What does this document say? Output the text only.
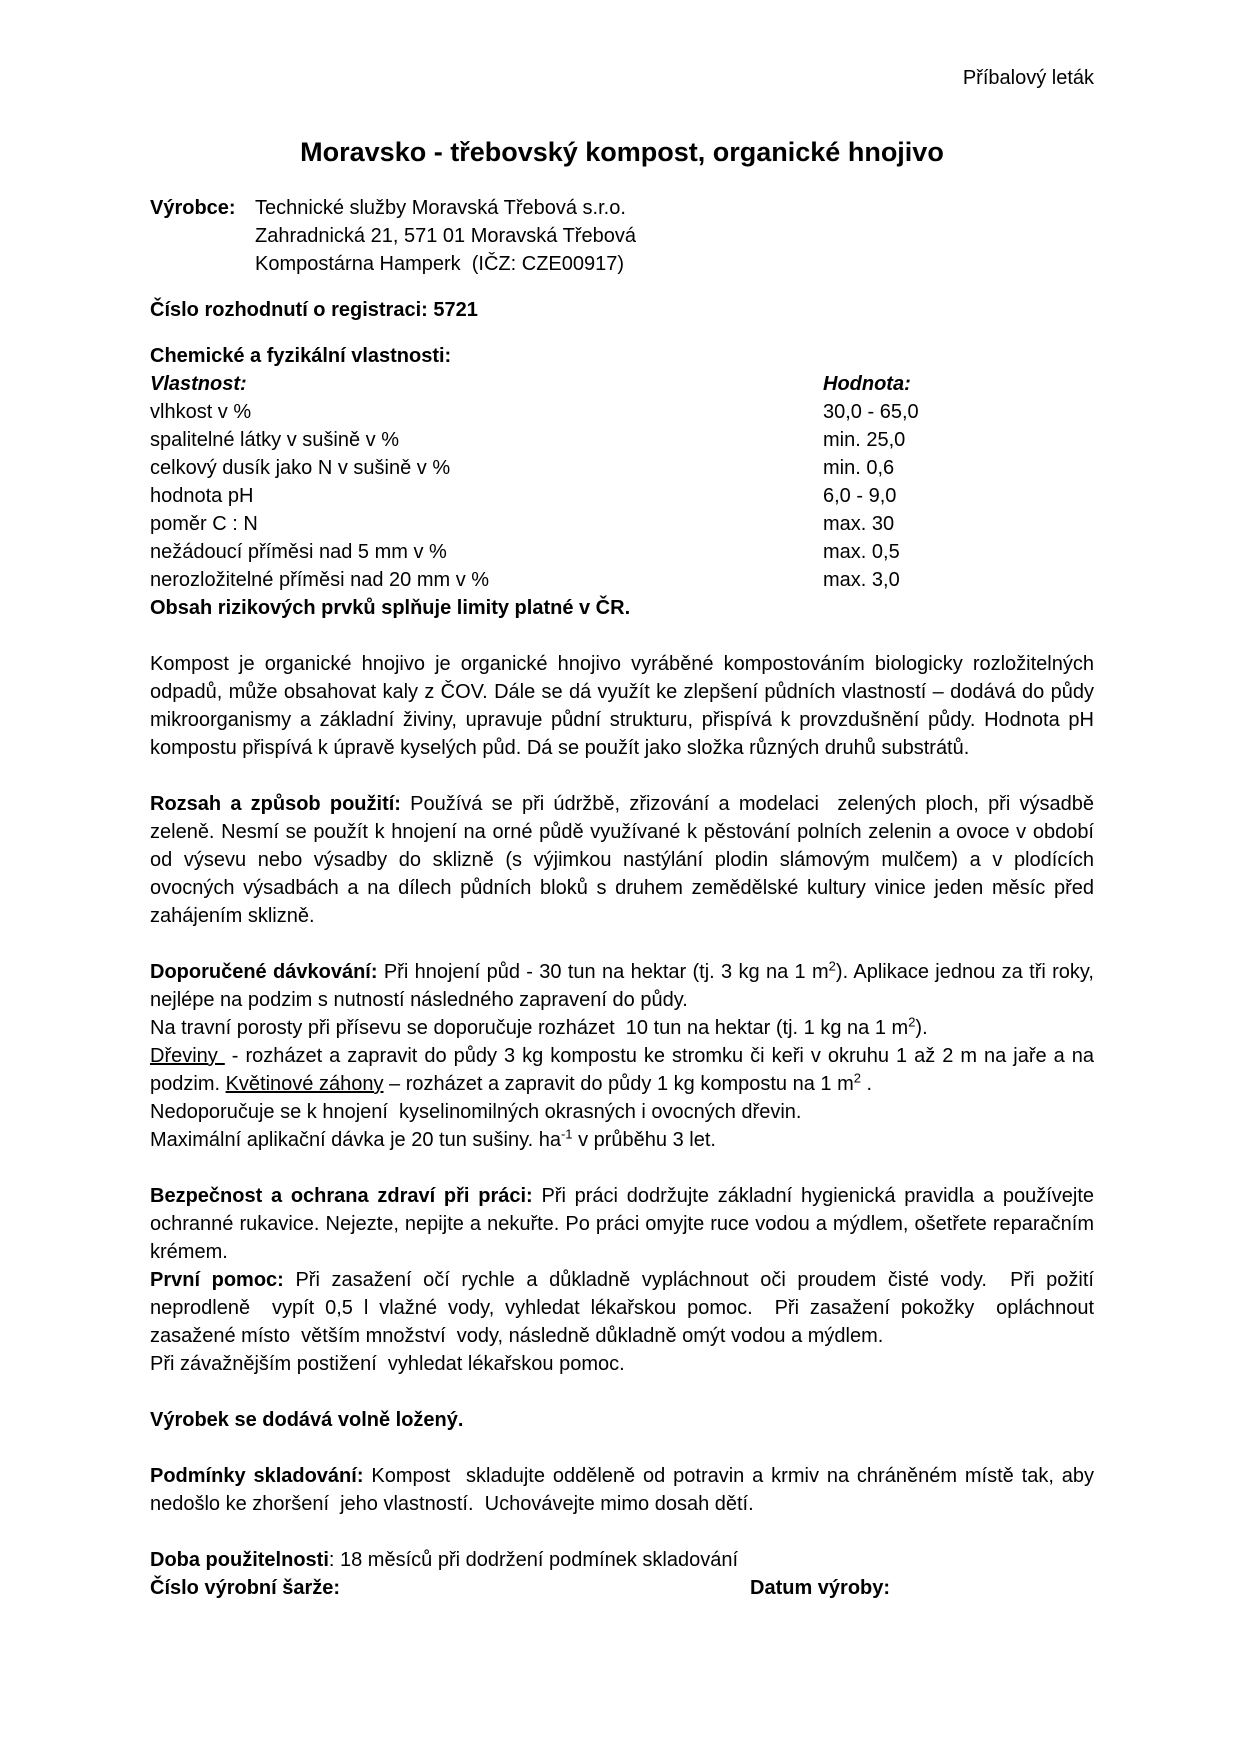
Příbalový leták
Moravsko - třebovský kompost, organické hnojivo
Výrobce: Technické služby Moravská Třebová s.r.o.
Zahradnická 21, 571 01 Moravská Třebová
Kompostárna Hamperk  (IČZ: CZE00917)
Číslo rozhodnutí o registraci: 5721
Chemické a fyzikální vlastnosti:
Vlastnost:	Hodnota:
vlhkost v %	30,0 - 65,0
spalitelné látky v sušině v %	min. 25,0
celkový dusík jako N v sušině v %	min. 0,6
hodnota pH	6,0 - 9,0
poměr C : N	max. 30
nežádoucí příměsi nad 5 mm v %	max. 0,5
nerozložitelné příměsi nad 20 mm v %	max. 3,0
Obsah rizikových prvků splňuje limity platné v ČR.
Kompost je organické hnojivo je organické hnojivo vyráběné kompostováním biologicky rozložitelných odpadů, může obsahovat kaly z ČOV. Dále se dá využít ke zlepšení půdních vlastností – dodává do půdy mikroorganismy a základní živiny, upravuje půdní strukturu, přispívá k provzdušnění půdy. Hodnota pH kompostu přispívá k úpravě kyselých půd. Dá se použít jako složka různých druhů substrátů.
Rozsah a způsob použití: Používá se při údržbě, zřizování a modelaci  zelených ploch, při výsadbě zeleně. Nesmí se použít k hnojení na orné půdě využívané k pěstování polních zelenin a ovoce v období od výsevu nebo výsadby do sklizně (s výjimkou nastýlání plodin slámovým mulčem) a v plodících ovocných výsadbách a na dílech půdních bloků s druhem zemědělské kultury vinice jeden měsíc před zahájením sklizně.
Doporučené dávkování: Při hnojení půd - 30 tun na hektar (tj. 3 kg na 1 $m^2$). Aplikace jednou za tři roky, nejlépe na podzim s nutností následného zapravení do půdy.
Na travní porosty při přísevu se doporučuje rozházet  10 tun na hektar (tj. 1 kg na 1 $m^2$).
Dřeviny  - rozházet a zapravit do půdy 3 kg kompostu ke stromku či keři v okruhu 1 až 2 m na jaře a na podzim. Květinové záhony – rozházet a zapravit do půdy 1 kg kompostu na 1 $m^2$ .
Nedoporučuje se k hnojení  kyselinomilných okrasných i ovocných dřevin.
Maximální aplikační dávka je 20 tun sušiny. $ha^{-1}$ v průběhu 3 let.
Bezpečnost a ochrana zdraví při práci: Při práci dodržujte základní hygienická pravidla a používejte ochranné rukavice. Nejezte, nepijte a nekuřte. Po práci omyjte ruce vodou a mýdlem, ošetřete reparačním krémem.
První pomoc: Při zasažení očí rychle a důkladně vypláchnout oči proudem čisté vody.  Při požití neprodleně  vypít 0,5 l vlažné vody, vyhledat lékařskou pomoc.  Při zasažení pokožky  opláchnout zasažené místo  větším množství  vody, následně důkladně omýt vodou a mýdlem.
Při závažnějším postižení  vyhledat lékařskou pomoc.
Výrobek se dodává volně ložený.
Podmínky skladování: Kompost  skladujte odděleně od potravin a krmiv na chráněném místě tak, aby nedošlo ke zhoršení  jeho vlastností.  Uchovávejte mimo dosah dětí.
Doba použitelnosti: 18 měsíců při dodržení podmínek skladování
Číslo výrobní šarže:	Datum výroby:
